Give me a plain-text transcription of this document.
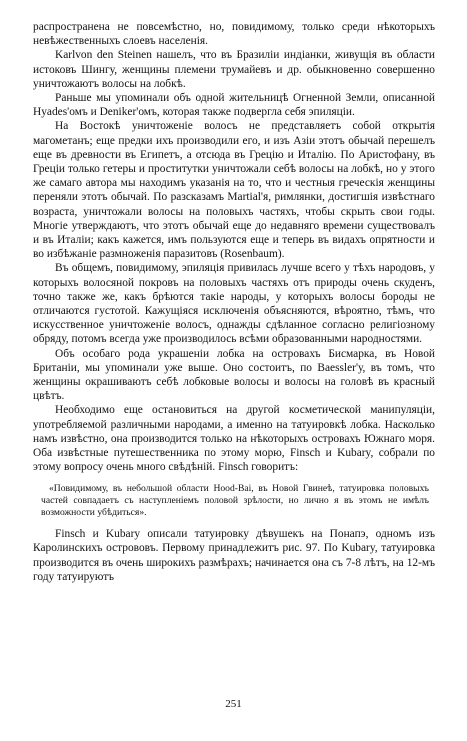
распространена не повсемѣстно, но, повидимому, только среди нѣкоторыхъ невѣжественныхъ слоевъ населенія.

Karlvon den Steinen нашелъ, что въ Бразиліи индіанки, живущія въ области истоковъ Шингу, женщины племени трумайевъ и др. обыкновенно совершенно уничтожаютъ волосы на лобкѣ.

Раньше мы упоминали объ одной жительницѣ Огненной Земли, описанной Hyades'омъ и Deniker'омъ, которая также подвергла себя эпиляціи.

На Востокѣ уничтоженіе волосъ не представляетъ собой открытія магометанъ; еще предки ихъ производили его, и изъ Азіи этотъ обычай перешелъ еще въ древности въ Египетъ, а отсюда въ Грецію и Италію. По Аристофану, въ Греціи только гетеры и проститутки уничтожали себѣ волосы на лобкѣ, но у этого же самаго автора мы находимъ указанія на то, что и честныя греческія женщины переняли этотъ обычай. По разсказамъ Martial'я, римлянки, достигшія извѣстнаго возраста, уничтожали волосы на половыхъ частяхъ, чтобы скрыть свои годы. Многіе утверждаютъ, что этотъ обычай еще до недавняго времени существовалъ и въ Италіи; какъ кажется, имъ пользуются еще и теперь въ видахъ опрятности и во избѣжаніе размноженія паразитовъ (Rosenbaum).

Въ общемъ, повидимому, эпиляція привилась лучше всего у тѣхъ народовъ, у которыхъ волосяной покровъ на половыхъ частяхъ отъ природы очень скуденъ, точно также же, какъ брѣются такіе народы, у которыхъ волосы бороды не отличаются густотой. Кажущіяся исключенія объясняются, вѣроятно, тѣмъ, что искусственное уничтоженіе волосъ, однажды сдѣланное согласно религіозному обряду, потомъ всегда уже производилось всѣми образованными народностями.

Объ особаго рода украшеніи лобка на островахъ Бисмарка, въ Новой Британіи, мы упоминали уже выше. Оно состоитъ, по Baessler'у, въ томъ, что женщины окрашиваютъ себѣ лобковые волосы и волосы на головѣ въ красный цвѣтъ.

Необходимо еще остановиться на другой косметической манипуляціи, употребляемой различными народами, а именно на татуировкѣ лобка. Насколько намъ извѣстно, она производится только на нѣкоторыхъ островахъ Южнаго моря. Оба извѣстные путешественника по этому морю, Finsch и Kubary, собрали по этому вопросу очень много свѣдѣній. Finsch говоритъ:

«Повидимому, въ небольшой области Hood-Bai, въ Новой Гвинеѣ, татуировка половыхъ частей совпадаетъ съ наступленіемъ половой зрѣлости, но лично я въ этомъ не имѣлъ возможности убѣдиться».

Finsch и Kubary описали татуировку дѣвушекъ на Понапэ, одномъ изъ Каролинскихъ острововъ. Первому принадлежитъ рис. 97. По Kubary, татуировка производится въ очень широкихъ размѣрахъ; начинается она съ 7-8 лѣтъ, на 12-мъ году татуируютъ

251
